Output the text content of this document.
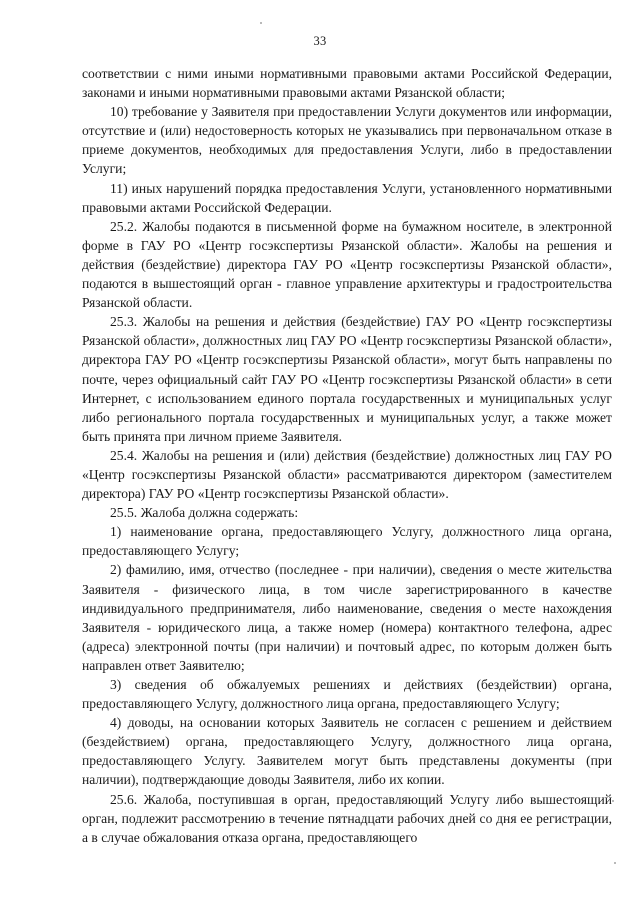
33

соответствии с ними иными нормативными правовыми актами Российской Федерации, законами и иными нормативными правовыми актами Рязанской области;

10) требование у Заявителя при предоставлении Услуги документов или информации, отсутствие и (или) недостоверность которых не указывались при первоначальном отказе в приеме документов, необходимых для предоставления Услуги, либо в предоставлении Услуги;

11) иных нарушений порядка предоставления Услуги, установленного нормативными правовыми актами Российской Федерации.

25.2. Жалобы подаются в письменной форме на бумажном носителе, в электронной форме в ГАУ РО «Центр госэкспертизы Рязанской области». Жалобы на решения и действия (бездействие) директора ГАУ РО «Центр госэкспертизы Рязанской области», подаются в вышестоящий орган - главное управление архитектуры и градостроительства Рязанской области.

25.3. Жалобы на решения и действия (бездействие) ГАУ РО «Центр госэкспертизы Рязанской области», должностных лиц ГАУ РО «Центр госэкспертизы Рязанской области», директора ГАУ РО «Центр госэкспертизы Рязанской области», могут быть направлены по почте, через официальный сайт ГАУ РО «Центр госэкспертизы Рязанской области» в сети Интернет, с использованием единого портала государственных и муниципальных услуг либо регионального портала государственных и муниципальных услуг, а также может быть принята при личном приеме Заявителя.

25.4. Жалобы на решения и (или) действия (бездействие) должностных лиц ГАУ РО «Центр госэкспертизы Рязанской области» рассматриваются директором (заместителем директора) ГАУ РО «Центр госэкспертизы Рязанской области».

25.5. Жалоба должна содержать:

1) наименование органа, предоставляющего Услугу, должностного лица органа, предоставляющего Услугу;

2) фамилию, имя, отчество (последнее - при наличии), сведения о месте жительства Заявителя - физического лица, в том числе зарегистрированного в качестве индивидуального предпринимателя, либо наименование, сведения о месте нахождения Заявителя - юридического лица, а также номер (номера) контактного телефона, адрес (адреса) электронной почты (при наличии) и почтовый адрес, по которым должен быть направлен ответ Заявителю;

3) сведения об обжалуемых решениях и действиях (бездействии) органа, предоставляющего Услугу, должностного лица органа, предоставляющего Услугу;

4) доводы, на основании которых Заявитель не согласен с решением и действием (бездействием) органа, предоставляющего Услугу, должностного лица органа, предоставляющего Услугу. Заявителем могут быть представлены документы (при наличии), подтверждающие доводы Заявителя, либо их копии.

25.6. Жалоба, поступившая в орган, предоставляющий Услугу либо вышестоящий орган, подлежит рассмотрению в течение пятнадцати рабочих дней со дня ее регистрации, а в случае обжалования отказа органа, предоставляющего
